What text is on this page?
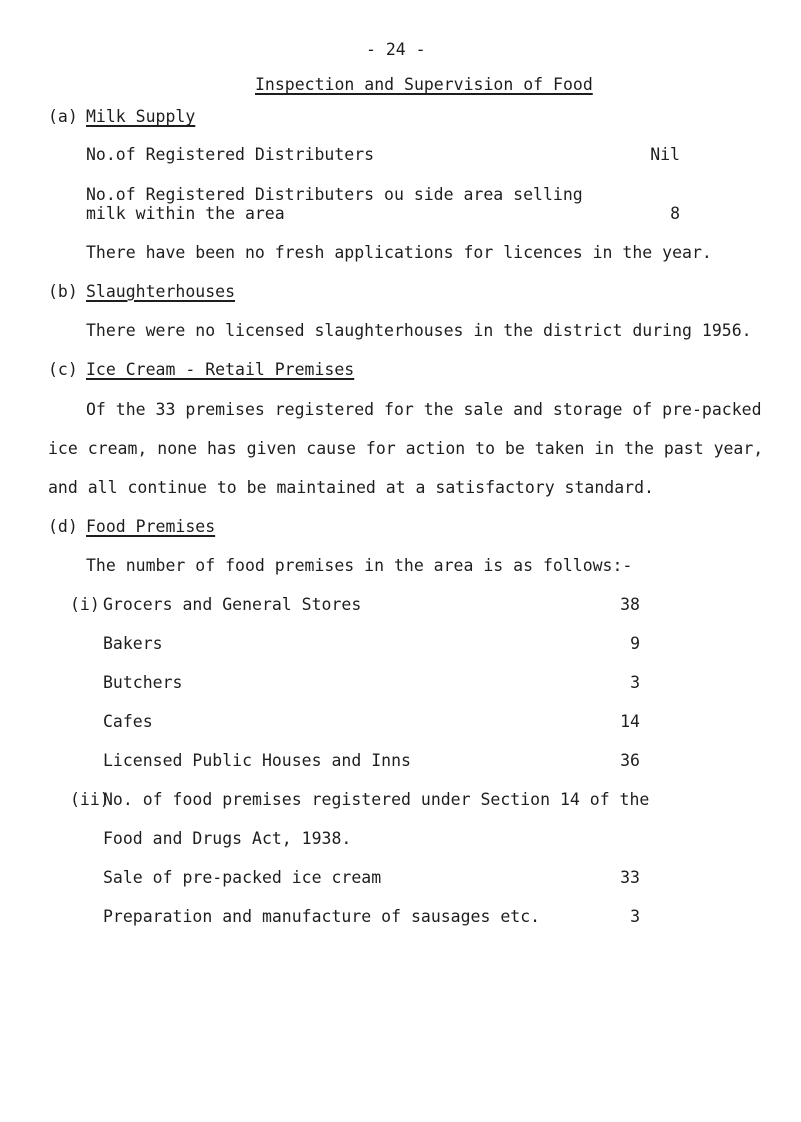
- 24 -
Inspection and Supervision of Food
(a) Milk Supply
No.of Registered Distributers	Nil
No.of Registered Distributers ou side area selling
milk within the area	8
There have been no fresh applications for licences in the year.
(b) Slaughterhouses
There were no licensed slaughterhouses in the district during 1956.
(c) Ice Cream - Retail Premises
Of the 33 premises registered for the sale and storage of pre-packed
ice cream, none has given cause for action to be taken in the past year,
and all continue to be maintained at a satisfactory standard.
(d) Food Premises
The number of food premises in the area is as follows:-
(i) Grocers and General Stores	38
Bakers	9
Butchers	3
Cafes	14
Licensed Public Houses and Inns	36
(ii)
No. of food premises registered under Section 14 of the
Food and Drugs Act, 1938.
Sale of pre-packed ice cream	33
Preparation and manufacture of sausages etc.	3
